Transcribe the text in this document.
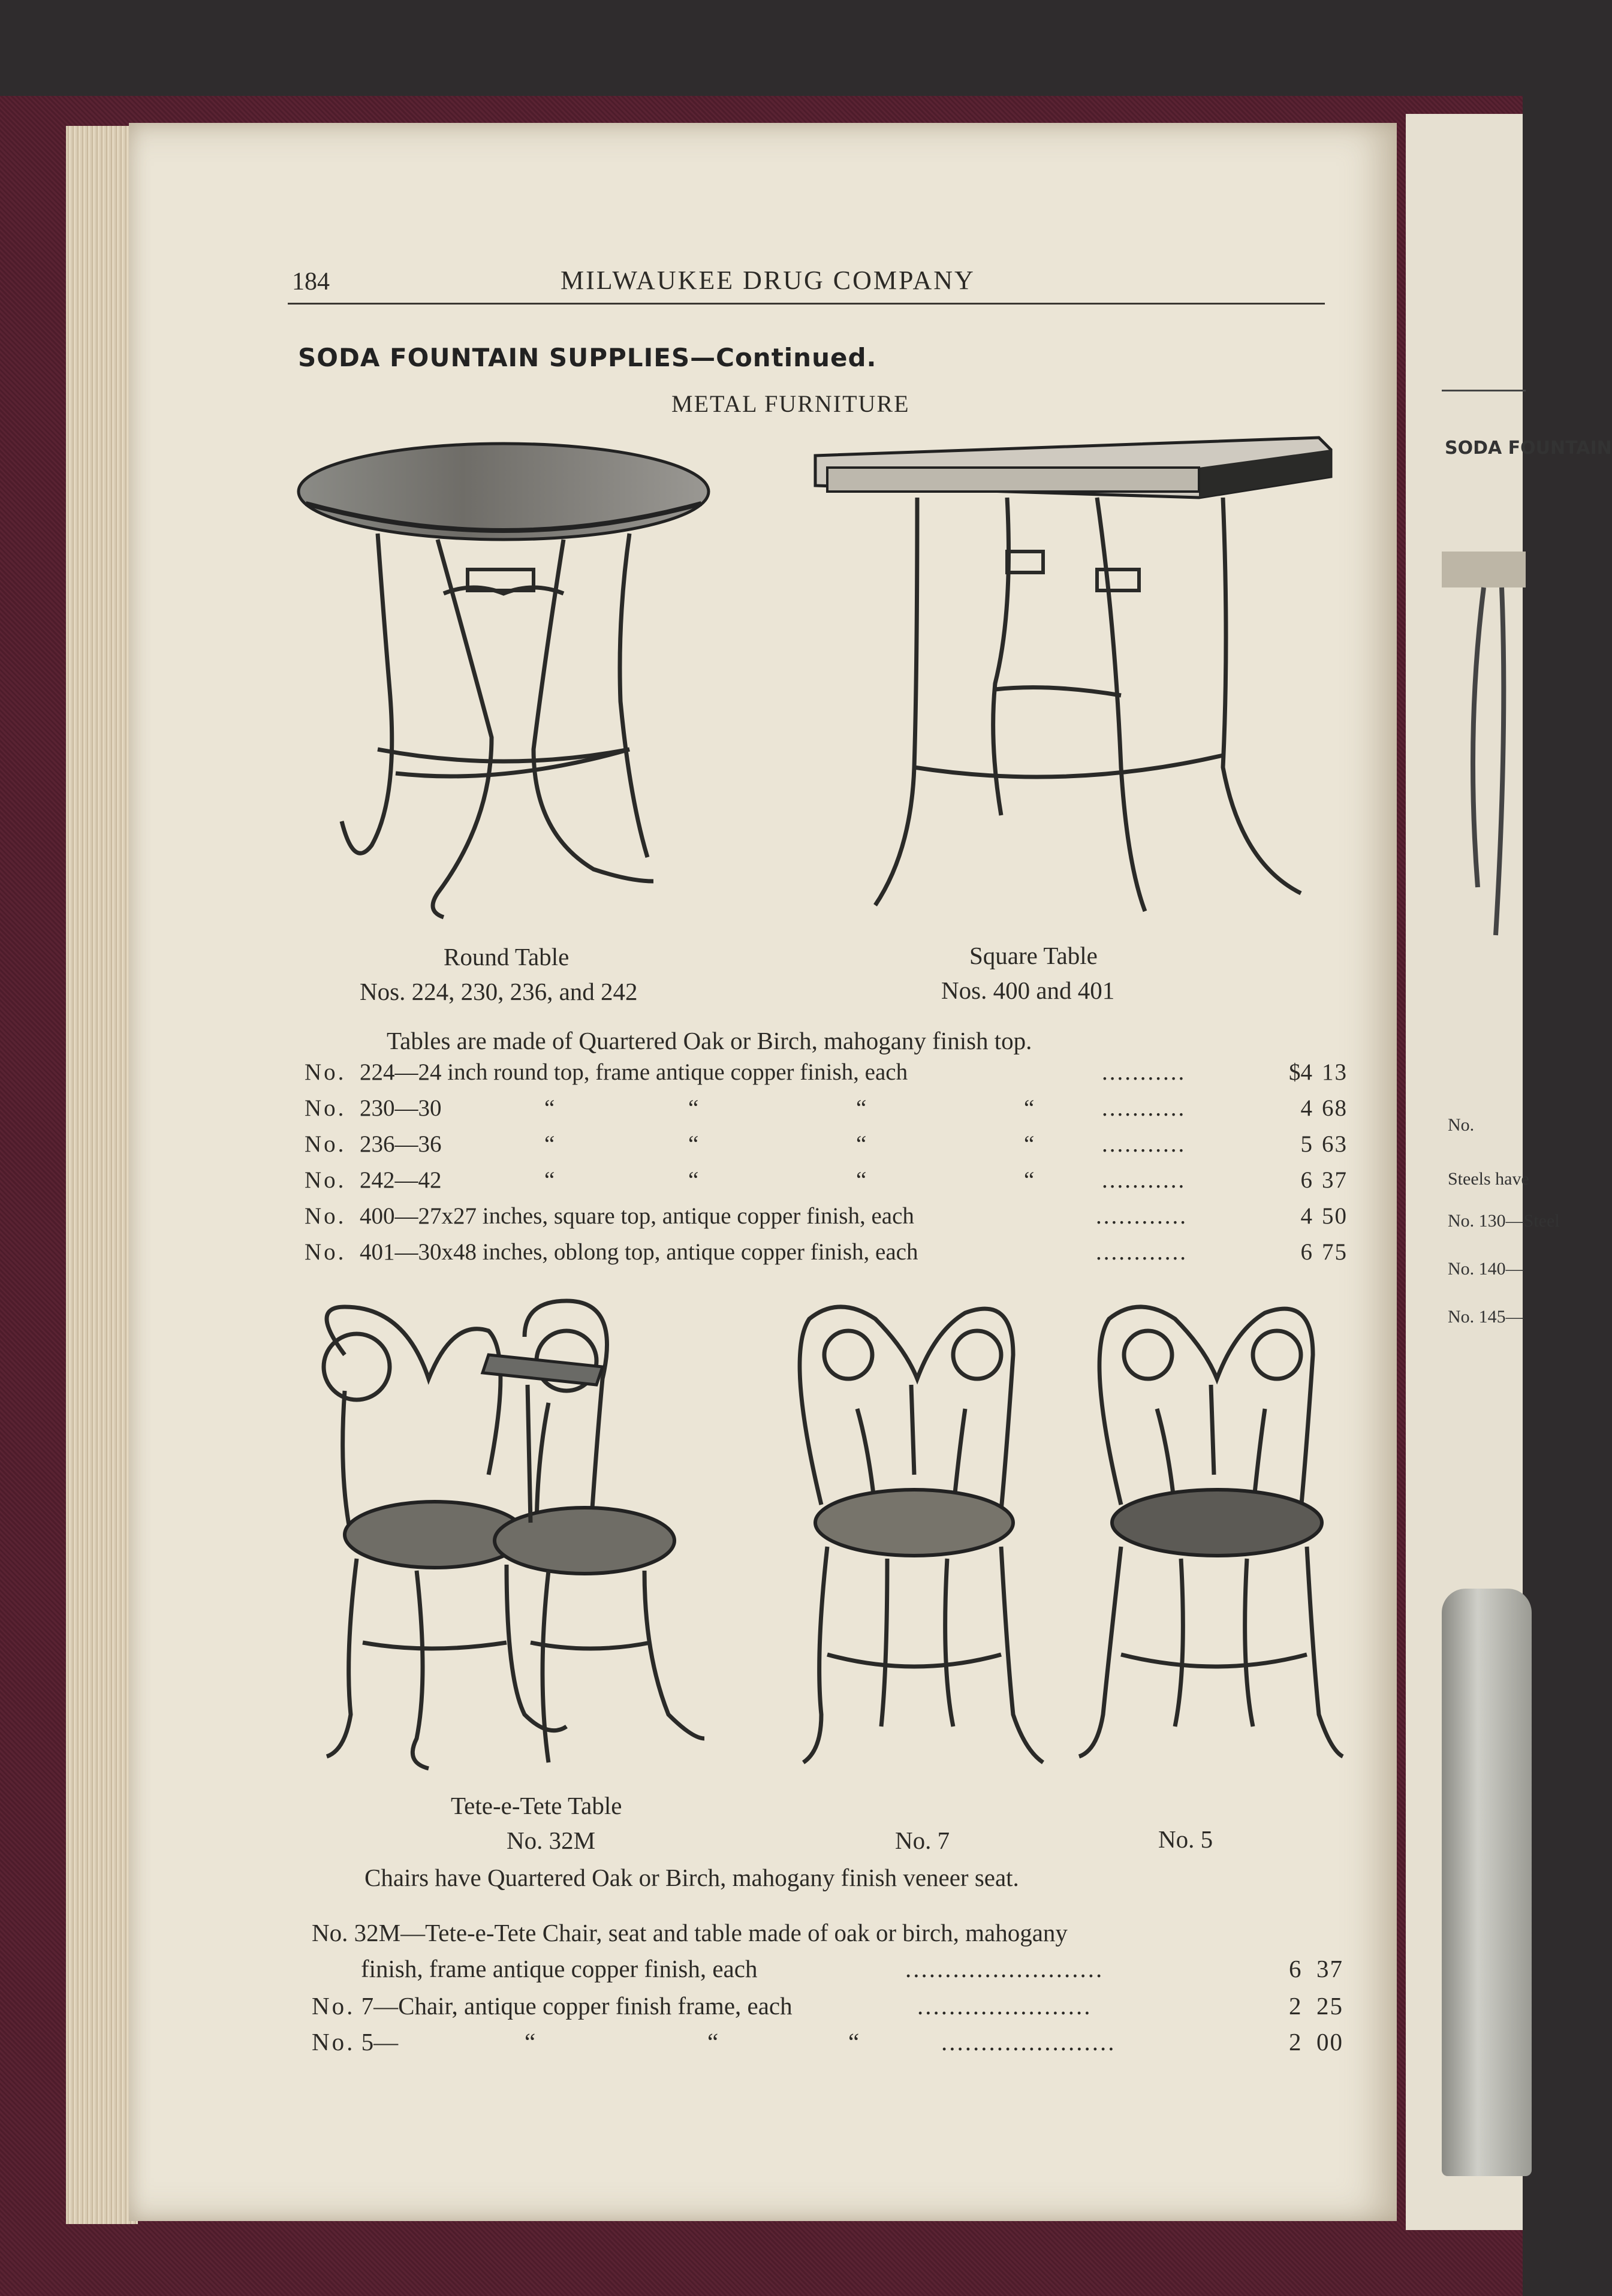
SODA FOUNTAIN
No.
Steels have
No. 130—Steel
No. 140—
No. 145—
184	MILWAUKEE DRUG COMPANY
SODA FOUNTAIN SUPPLIES—Continued.
METAL FURNITURE
Round Table
Nos. 224, 230, 236, and 242
Square Table
Nos. 400 and 401
Tables are made of Quartered Oak or Birch, mahogany finish top.
No. 224—24 inch round top, frame antique copper finish, each	...........	$4 13
No. 230—30	“	“	“	“	...........	4 68
No. 236—36	“	“	“	“	...........	5 63
No. 242—42	“	“	“	“	...........	6 37
No. 400—27x27 inches, square top, antique copper finish, each	............	4 50
No. 401—30x48 inches, oblong top, antique copper finish, each	............	6 75
Tete-e-Tete Table
No. 32M	No. 7	No. 5
Chairs have Quartered Oak or Birch, mahogany finish veneer seat.
No. 32M—Tete-e-Tete Chair, seat and table made of oak or birch, mahogany
finish, frame antique copper finish, each	.........................	6 37
No. 7—Chair, antique copper finish frame, each	......................	2 25
No. 5—	“	“	“	......................	2 00
